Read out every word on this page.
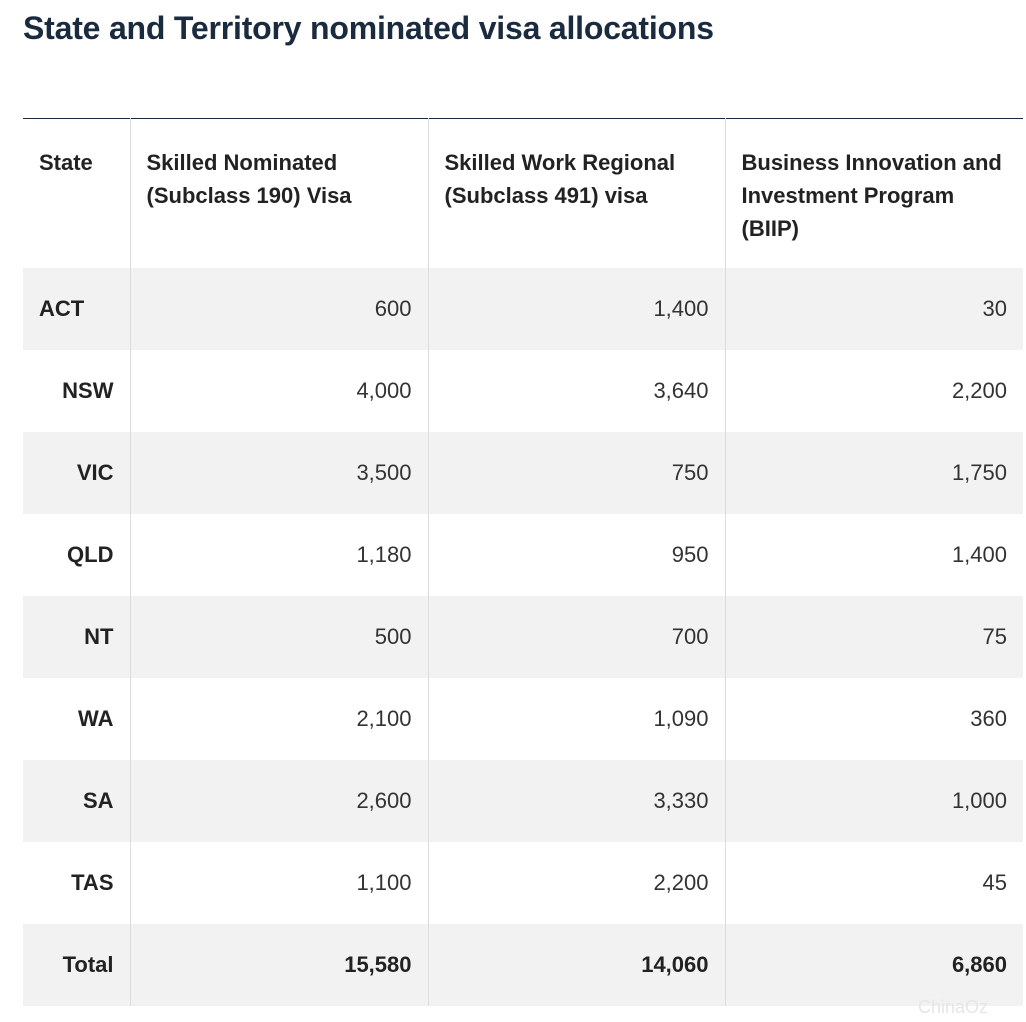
State and Territory nominated visa allocations
State	Skilled Nominated (Subclass 190) Visa	Skilled Work Regional (Subclass 491) visa	Business Innovation and Investment Program (BIIP)
ACT	600	1,400	30
NSW	4,000	3,640	2,200
VIC	3,500	750	1,750
QLD	1,180	950	1,400
NT	500	700	75
WA	2,100	1,090	360
SA	2,600	3,330	1,000
TAS	1,100	2,200	45
Total	15,580	14,060	6,860
ChinaOz
